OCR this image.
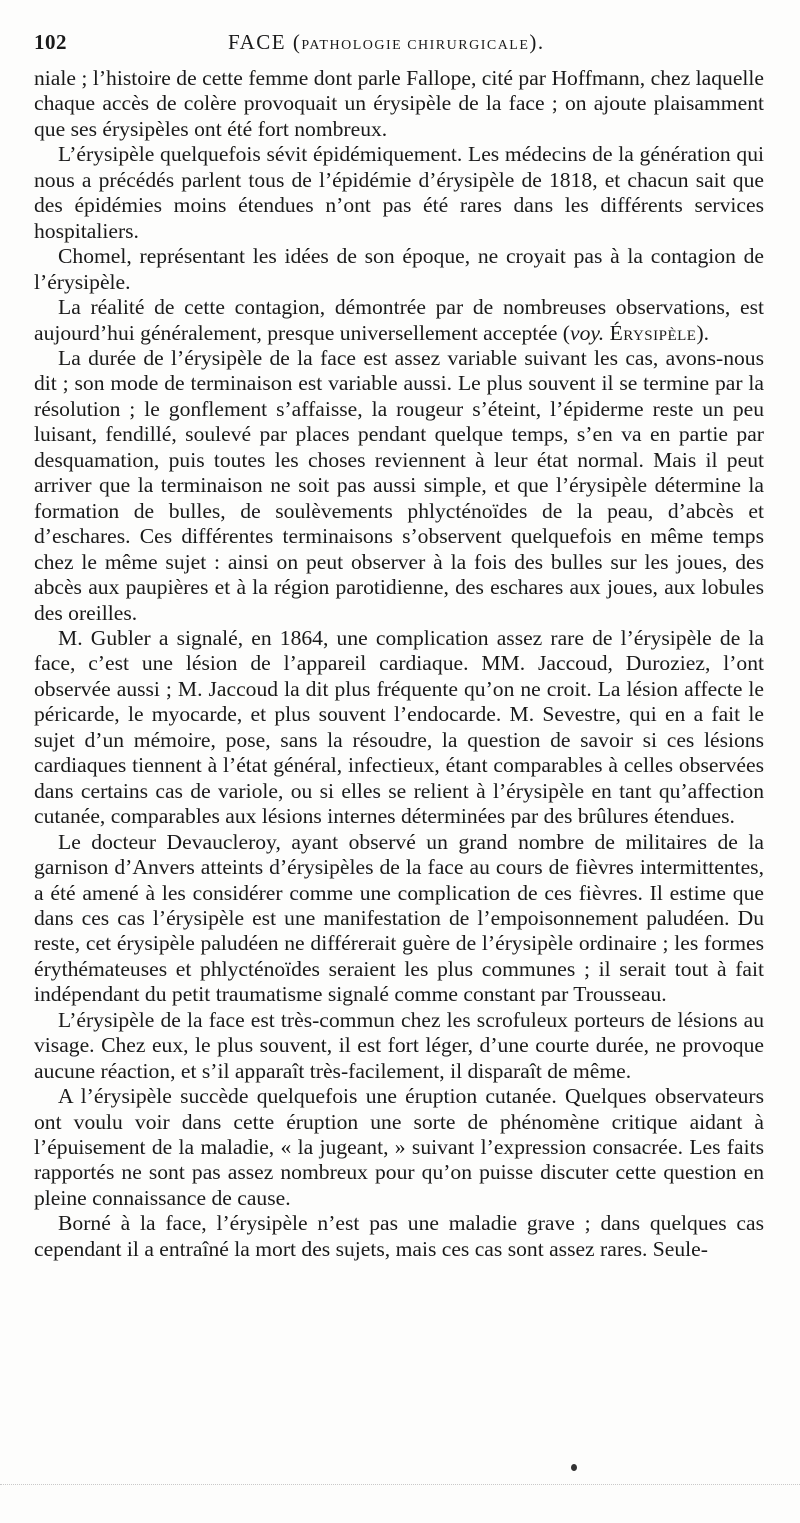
102	FACE (PATHOLOGIE CHIRURGICALE).

niale ; l’histoire de cette femme dont parle Fallope, cité par Hoffmann, chez laquelle chaque accès de colère provoquait un érysipèle de la face ; on ajoute plaisamment que ses érysipèles ont été fort nombreux.

L’érysipèle quelquefois sévit épidémiquement. Les médecins de la génération qui nous a précédés parlent tous de l’épidémie d’érysipèle de 1818, et chacun sait que des épidémies moins étendues n’ont pas été rares dans les différents services hospitaliers.

Chomel, représentant les idées de son époque, ne croyait pas à la contagion de l’érysipèle.

La réalité de cette contagion, démontrée par de nombreuses observations, est aujourd’hui généralement, presque universellement acceptée (voy. Érysipèle).

La durée de l’érysipèle de la face est assez variable suivant les cas, avons-nous dit ; son mode de terminaison est variable aussi. Le plus souvent il se termine par la résolution ; le gonflement s’affaisse, la rougeur s’éteint, l’épiderme reste un peu luisant, fendillé, soulevé par places pendant quelque temps, s’en va en partie par desquamation, puis toutes les choses reviennent à leur état normal. Mais il peut arriver que la terminaison ne soit pas aussi simple, et que l’érysipèle détermine la formation de bulles, de soulèvements phlycténoïdes de la peau, d’abcès et d’eschares. Ces différentes terminaisons s’observent quelquefois en même temps chez le même sujet : ainsi on peut observer à la fois des bulles sur les joues, des abcès aux paupières et à la région parotidienne, des eschares aux joues, aux lobules des oreilles.

M. Gubler a signalé, en 1864, une complication assez rare de l’érysipèle de la face, c’est une lésion de l’appareil cardiaque. MM. Jaccoud, Duroziez, l’ont observée aussi ; M. Jaccoud la dit plus fréquente qu’on ne croit. La lésion affecte le péricarde, le myocarde, et plus souvent l’endocarde. M. Sevestre, qui en a fait le sujet d’un mémoire, pose, sans la résoudre, la question de savoir si ces lésions cardiaques tiennent à l’état général, infectieux, étant comparables à celles observées dans certains cas de variole, ou si elles se relient à l’érysipèle en tant qu’affection cutanée, comparables aux lésions internes déterminées par des brûlures étendues.

Le docteur Devaucleroy, ayant observé un grand nombre de militaires de la garnison d’Anvers atteints d’érysipèles de la face au cours de fièvres intermittentes, a été amené à les considérer comme une complication de ces fièvres. Il estime que dans ces cas l’érysipèle est une manifestation de l’empoisonnement paludéen. Du reste, cet érysipèle paludéen ne différerait guère de l’érysipèle ordinaire ; les formes érythémateuses et phlycténoïdes seraient les plus communes ; il serait tout à fait indépendant du petit traumatisme signalé comme constant par Trousseau.

L’érysipèle de la face est très-commun chez les scrofuleux porteurs de lésions au visage. Chez eux, le plus souvent, il est fort léger, d’une courte durée, ne provoque aucune réaction, et s’il apparaît très-facilement, il disparaît de même.

A l’érysipèle succède quelquefois une éruption cutanée. Quelques observateurs ont voulu voir dans cette éruption une sorte de phénomène critique aidant à l’épuisement de la maladie, « la jugeant, » suivant l’expression consacrée. Les faits rapportés ne sont pas assez nombreux pour qu’on puisse discuter cette question en pleine connaissance de cause.

Borné à la face, l’érysipèle n’est pas une maladie grave ; dans quelques cas cependant il a entraîné la mort des sujets, mais ces cas sont assez rares. Seule-
